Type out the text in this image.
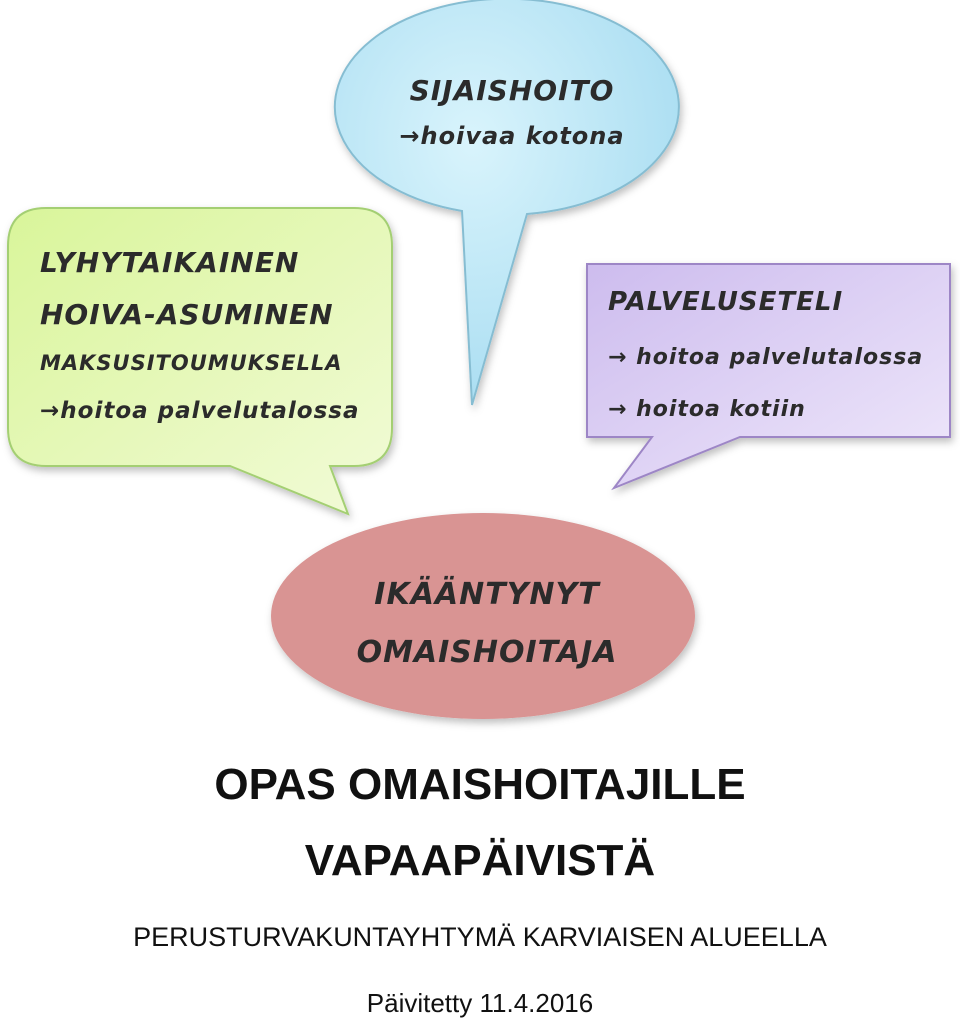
SIJAISHOITO
→hoivaa kotona
LYHYTAIKAINEN
HOIVA-ASUMINEN
MAKSUSITOUMUKSELLA
→hoitoa palvelutalossa
PALVELUSETELI
→ hoitoa palvelutalossa
→ hoitoa kotiin
IKÄÄNTYNYT
OMAISHOITAJA
OPAS OMAISHOITAJILLE
VAPAAPÄIVISTÄ

PERUSTURVAKUNTAYHTYMÄ KARVIAISEN ALUEELLA

Päivitetty 11.4.2016
